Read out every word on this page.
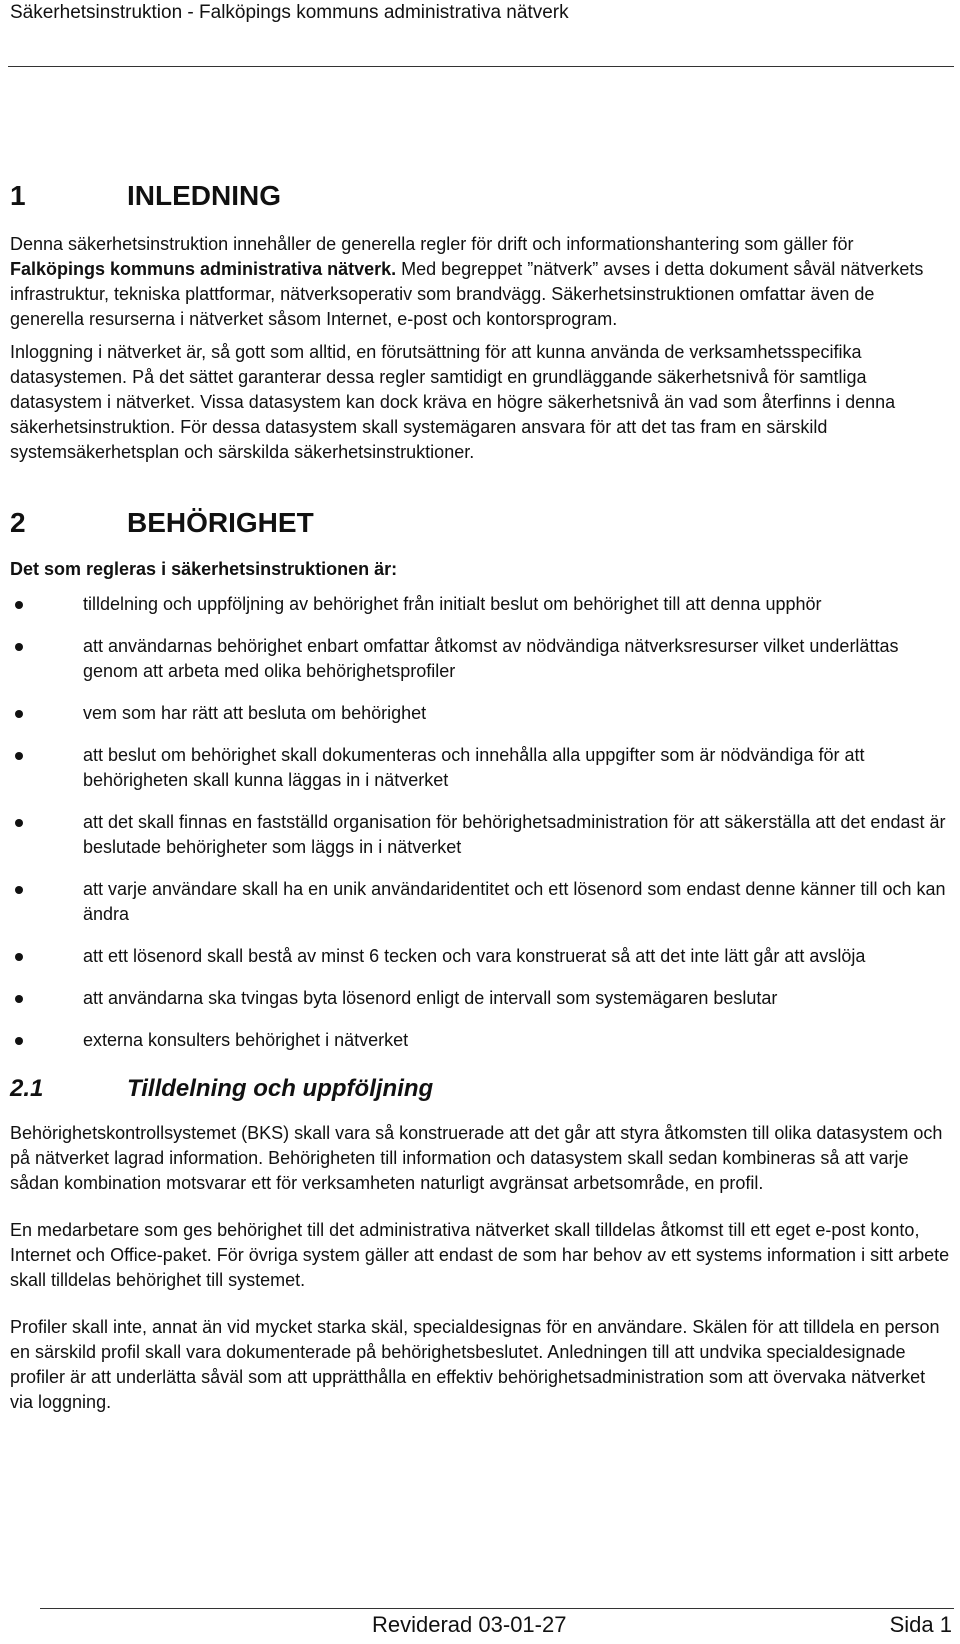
Säkerhetsinstruktion - Falköpings kommuns administrativa nätverk
1	INLEDNING

Denna säkerhetsinstruktion innehåller de generella regler för drift och informationshantering som gäller för Falköpings kommuns administrativa nätverk. Med begreppet ”nätverk” avses i detta dokument såväl nätverkets infrastruktur, tekniska plattformar, nätverksoperativ som brandvägg. Säkerhetsinstruktionen omfattar även de generella resurserna i nätverket såsom Internet, e-post och kontorsprogram.

Inloggning i nätverket är, så gott som alltid, en förutsättning för att kunna använda de verksamhetsspecifika datasystemen. På det sättet garanterar dessa regler samtidigt en grundläggande säkerhetsnivå för samtliga datasystem i nätverket. Vissa datasystem kan dock kräva en högre säkerhetsnivå än vad som återfinns i denna säkerhetsinstruktion. För dessa datasystem skall systemägaren ansvara för att det tas fram en särskild systemsäkerhetsplan och särskilda säkerhetsinstruktioner.

2	BEHÖRIGHET

Det som regleras i säkerhetsinstruktionen är:

tilldelning och uppföljning av behörighet från initialt beslut om behörighet till att denna upphör
att användarnas behörighet enbart omfattar åtkomst av nödvändiga nätverksresurser vilket underlättas genom att arbeta med olika behörighetsprofiler
vem som har rätt att besluta om behörighet
att beslut om behörighet skall dokumenteras och innehålla alla uppgifter som är nödvändiga för att behörigheten skall kunna läggas in i nätverket
att det skall finnas en fastställd organisation för behörighetsadministration för att säkerställa att det endast är beslutade behörigheter som läggs in i nätverket
att varje användare skall ha en unik användaridentitet och ett lösenord som endast denne känner till och kan ändra
att ett lösenord skall bestå av minst 6 tecken och vara konstruerat så att det inte lätt går att avslöja
att användarna ska tvingas byta lösenord enligt de intervall som systemägaren beslutar
externa konsulters behörighet i nätverket
2.1	Tilldelning och uppföljning

Behörighetskontrollsystemet (BKS) skall vara så konstruerade att det går att styra åtkomsten till olika datasystem och på nätverket lagrad information. Behörigheten till information och datasystem skall sedan kombineras så att varje sådan kombination motsvarar ett för verksamheten naturligt avgränsat arbetsområde, en profil.

En medarbetare som ges behörighet till det administrativa nätverket skall tilldelas åtkomst till ett eget e-post konto, Internet och Office-paket. För övriga system gäller att endast de som har behov av ett systems information i sitt arbete skall tilldelas behörighet till systemet.

Profiler skall inte, annat än vid mycket starka skäl, specialdesignas för en användare. Skälen för att tilldela en person en särskild profil skall vara dokumenterade på behörighetsbeslutet. Anledningen till att undvika specialdesignade profiler är att underlätta såväl som att upprätthålla en effektiv behörighetsadministration som att övervaka nätverket via loggning.

Reviderad 03-01-27	Sida 1
